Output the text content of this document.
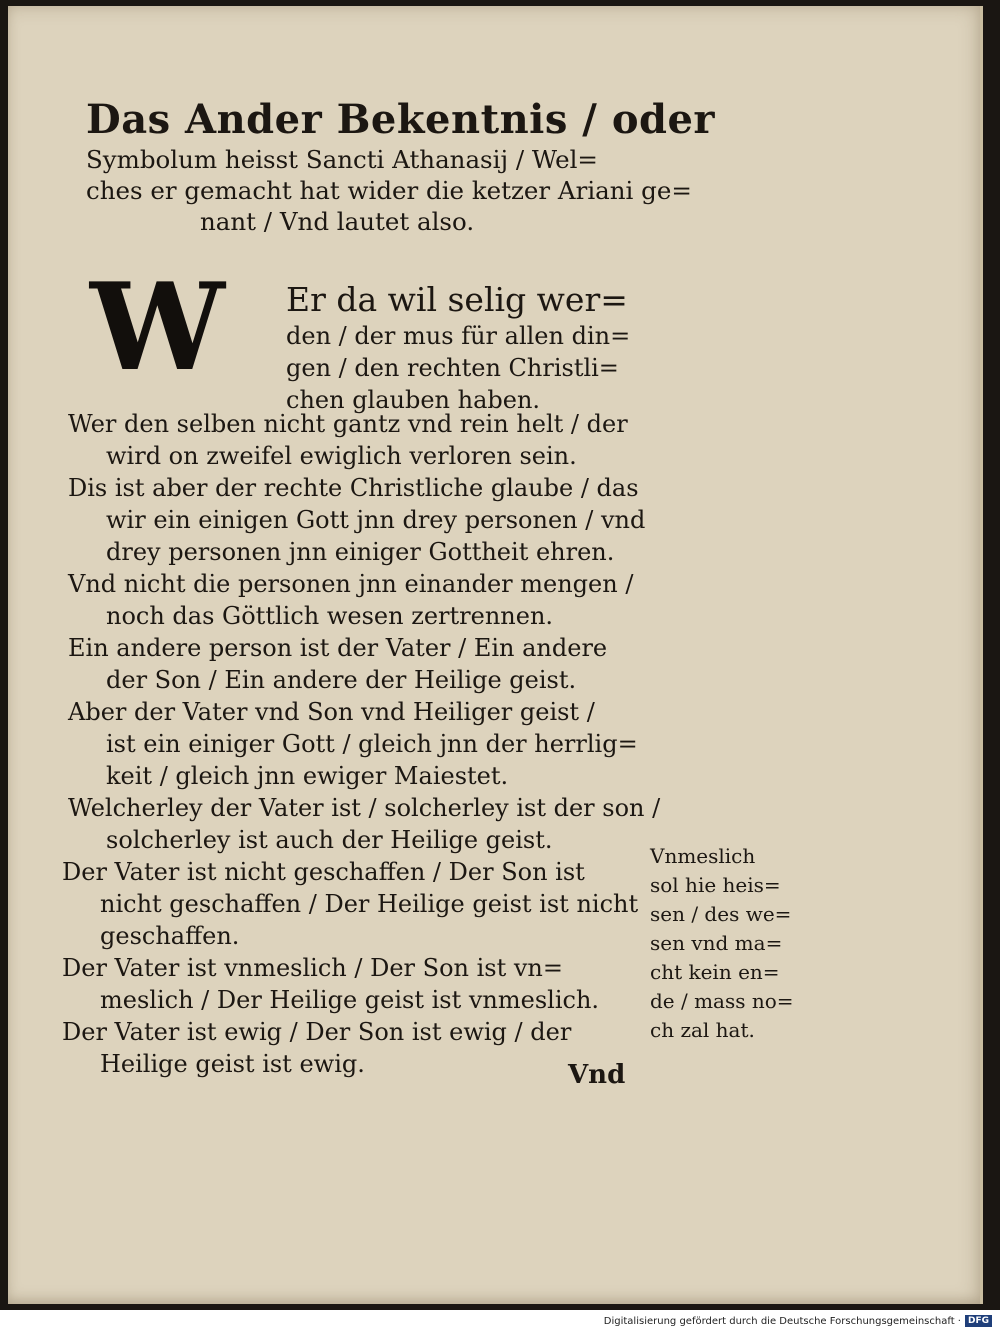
Das Ander Bekentnis / oder
Symbolum heisst Sancti Athanasij / Wel=
ches er gemacht hat wider die ketzer Ariani ge=
nant / Vnd lautet also.
W	Er da wil selig wer=
den / der mus für allen din=
gen / den rechten Christli=
chen glauben haben.
Wer den selben nicht gantz vnd rein helt / der
wird on zweifel ewiglich verloren sein.
Dis ist aber der rechte Christliche glaube / das
wir ein einigen Gott jnn drey personen / vnd
drey personen jnn einiger Gottheit ehren.
Vnd nicht die personen jnn einander mengen /
noch das Göttlich wesen zertrennen.
Ein andere person ist der Vater / Ein andere
der Son / Ein andere der Heilige geist.
Aber der Vater vnd Son vnd Heiliger geist /
ist ein einiger Gott / gleich jnn der herrlig=
keit / gleich jnn ewiger Maiestet.
Welcherley der Vater ist / solcherley ist der son /
solcherley ist auch der Heilige geist.
Der Vater ist nicht geschaffen / Der Son ist
nicht geschaffen / Der Heilige geist ist nicht
geschaffen.
Der Vater ist vnmeslich / Der Son ist vn=
meslich / Der Heilige geist ist vnmeslich.
Der Vater ist ewig / Der Son ist ewig / der
Heilige geist ist ewig.
Vnmeslich
sol hie heis=
sen / des we=
sen vnd ma=
cht kein en=
de / mass no=
ch zal hat.
Vnd
Digitalisierung gefördert durch die Deutsche Forschungsgemeinschaft · DFG
